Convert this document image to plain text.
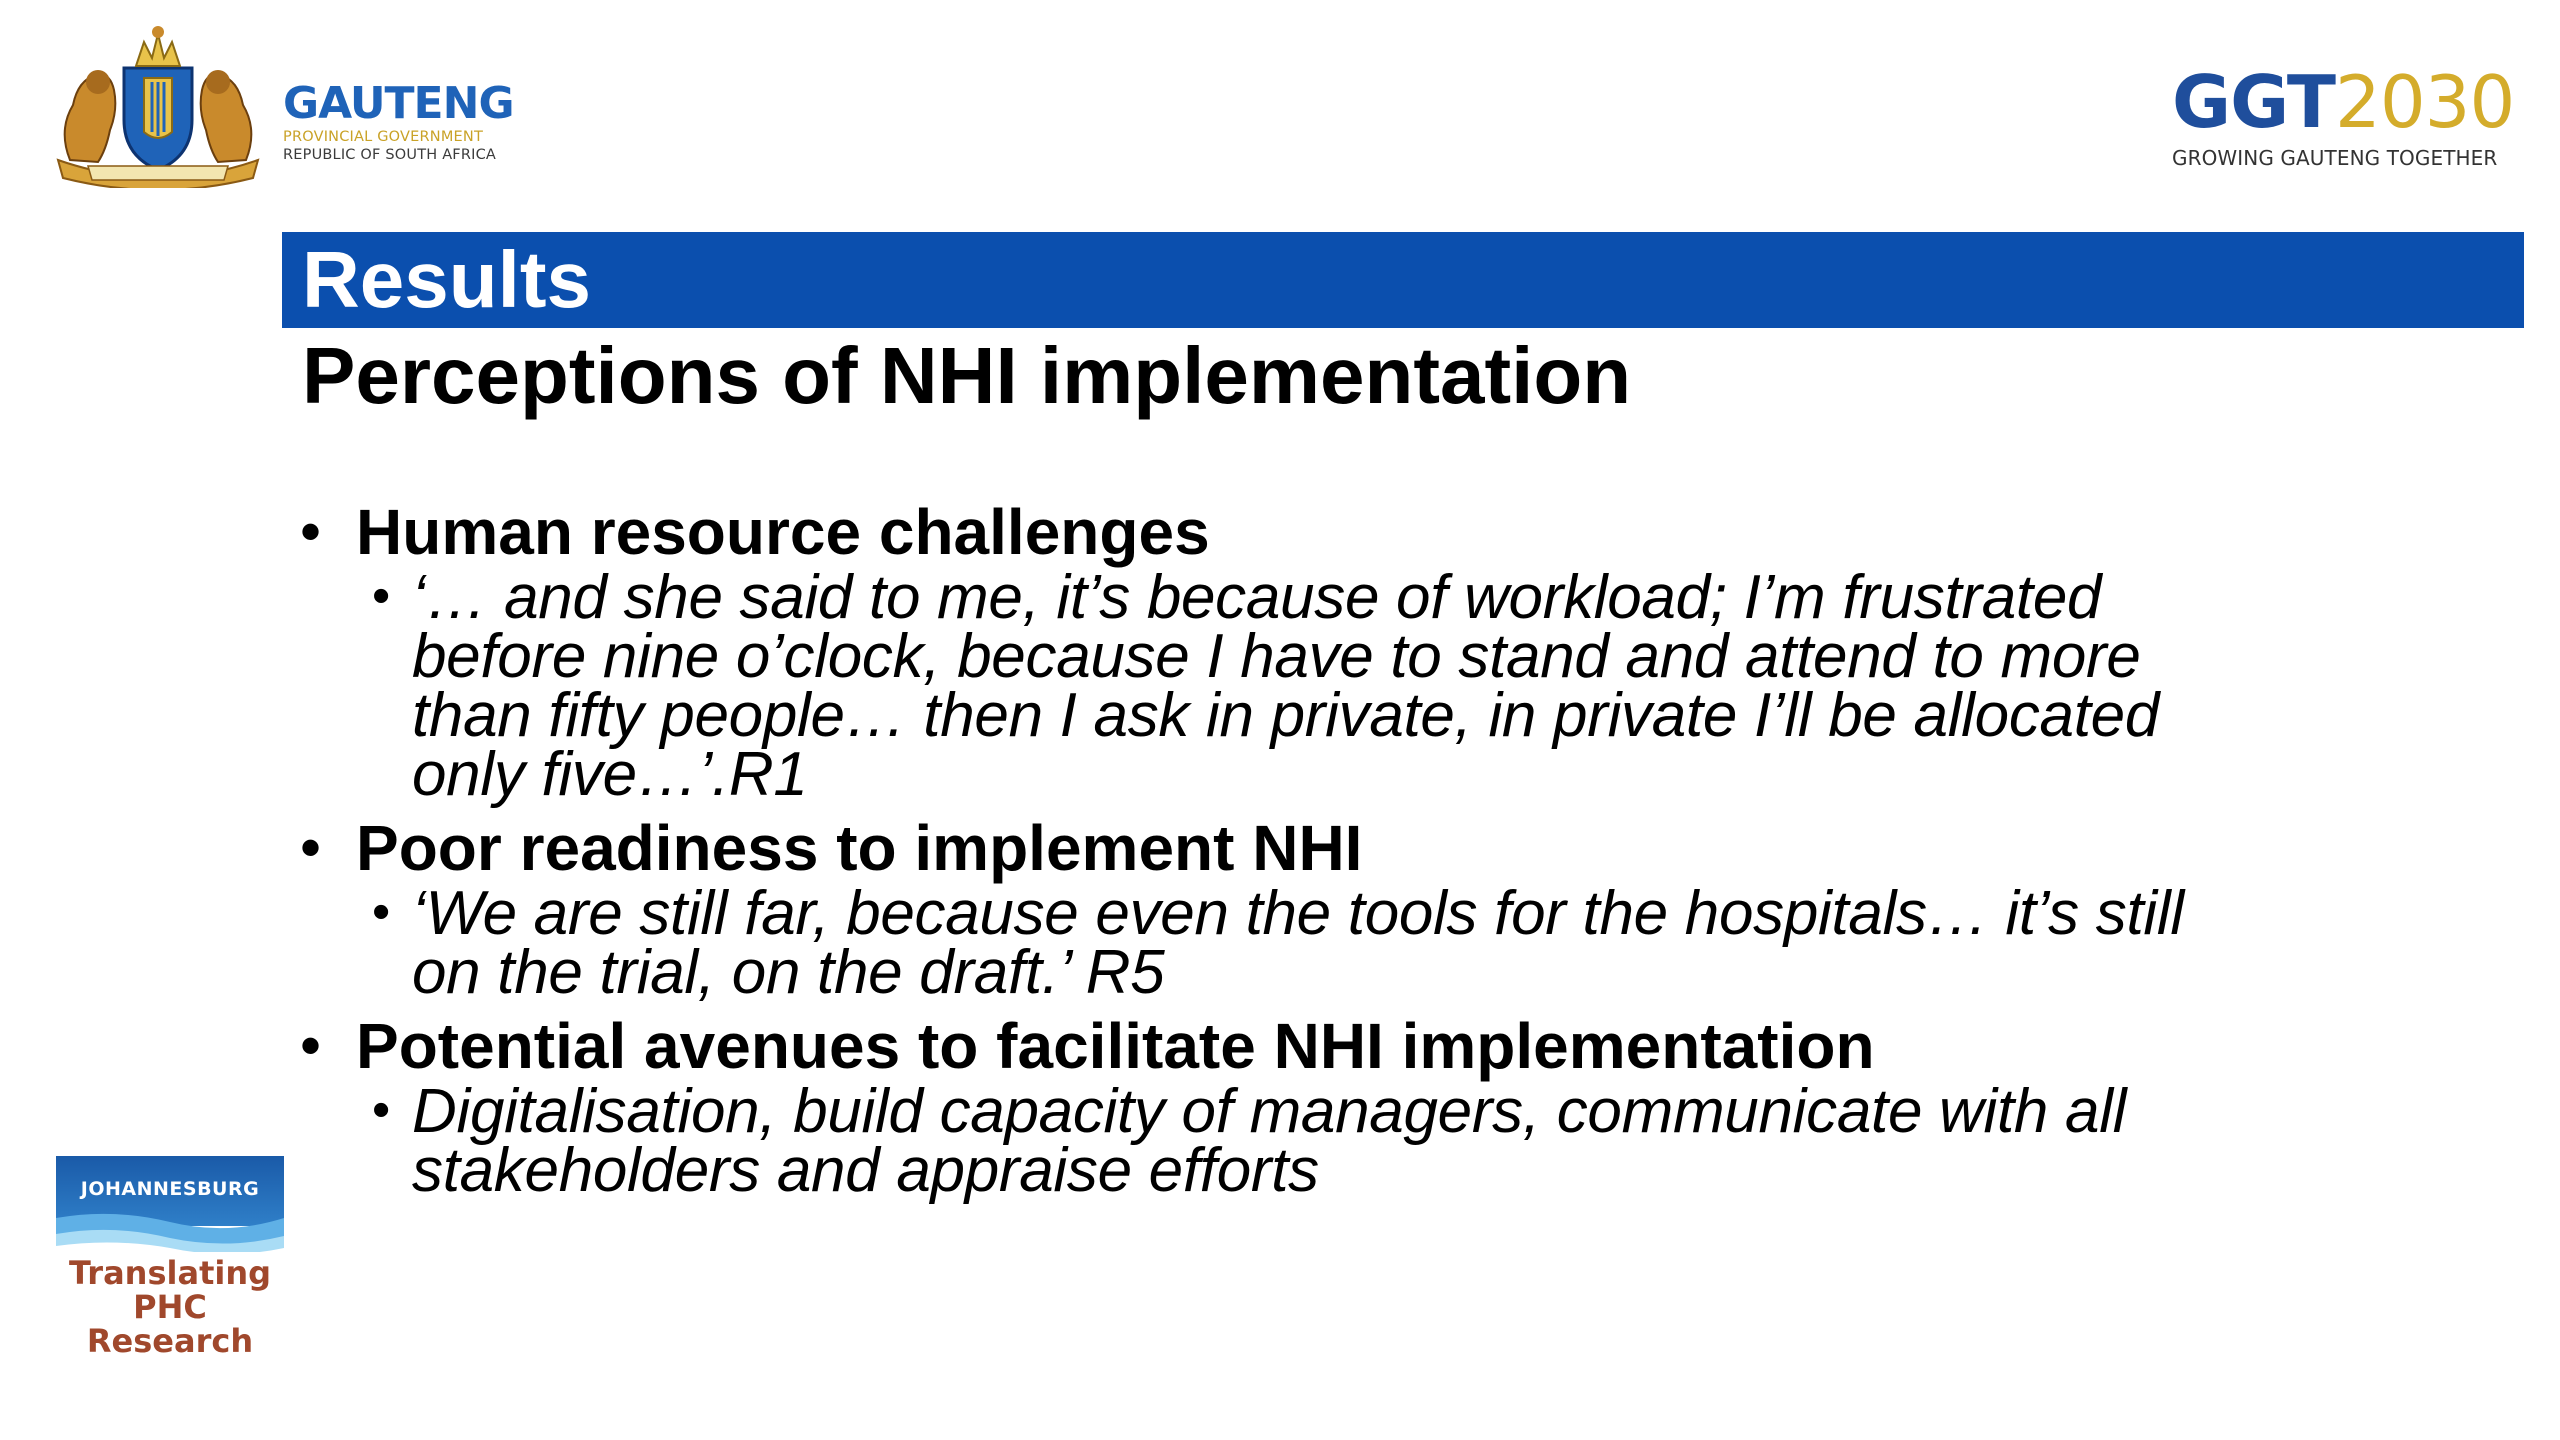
GAUTENG
PROVINCIAL GOVERNMENT
REPUBLIC OF SOUTH AFRICA
GGT2030
GROWING GAUTENG TOGETHER
Results
Perceptions of NHI implementation
• Human resource challenges
• ‘… and she said to me, it’s because of workload; I’m frustrated
before nine o’clock, because I have to stand and attend to more
than fifty people… then I ask in private, in private I’ll be allocated
only five…’.R1
• Poor readiness to implement NHI
• ‘We are still far, because even the tools for the hospitals… it’s still
on the trial, on the draft.’ R5
• Potential avenues to facilitate NHI implementation
• Digitalisation, build capacity of managers, communicate with all
stakeholders and appraise efforts
JOHANNESBURG
Translating
PHC
Research
